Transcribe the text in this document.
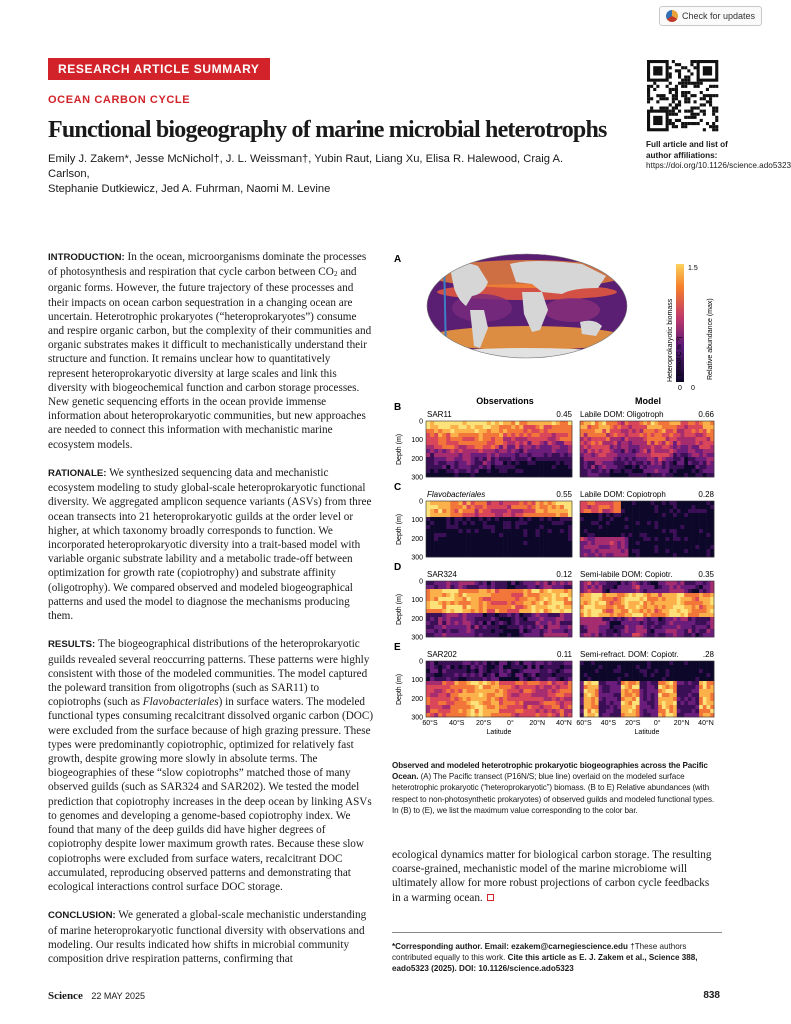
Check for updates
RESEARCH ARTICLE SUMMARY
OCEAN CARBON CYCLE
Functional biogeography of marine microbial heterotrophs
Emily J. Zakem*, Jesse McNichol†, J. L. Weissman†, Yubin Raut, Liang Xu, Elisa R. Halewood, Craig A. Carlson,
Stephanie Dutkiewicz, Jed A. Fuhrman, Naomi M. Levine
Full article and list of author affiliations:
https://doi.org/10.1126/science.ado5323

INTRODUCTION: In the ocean, microorganisms dominate the processes of photosynthesis and respiration that cycle carbon between CO2 and organic forms. However, the future trajectory of these processes and their impacts on ocean carbon sequestration in a changing ocean are uncertain. Heterotrophic prokaryotes (“heteroprokaryotes”) consume and respire organic carbon, but the complexity of their communities and organic substrates makes it difficult to mechanistically understand their structure and function. It remains unclear how to quantitatively represent heteroprokaryotic diversity at large scales and link this diversity with biogeochemical function and carbon storage processes. New genetic sequencing efforts in the ocean provide immense information about heteroprokaryotic communities, but new approaches are needed to connect this information with mechanistic marine ecosystem models.

RATIONALE: We synthesized sequencing data and mechanistic ecosystem modeling to study global-scale heteroprokaryotic functional diversity. We aggregated amplicon sequence variants (ASVs) from three ocean transects into 21 heteroprokaryotic guilds at the order level or higher, at which taxonomy broadly corresponds to function. We incorporated heteroprokaryotic diversity into a trait-based model with variable organic substrate lability and a metabolic trade-off between optimization for growth rate (copiotrophy) and substrate affinity (oligotrophy). We compared observed and modeled biogeographical patterns and used the model to diagnose the mechanisms producing them.

RESULTS: The biogeographical distributions of the heteroprokaryotic guilds revealed several reoccurring patterns. These patterns were highly consistent with those of the modeled communities. The model captured the poleward transition from oligotrophs (such as SAR11) to copiotrophs (such as Flavobacteriales) in surface waters. The modeled functional types consuming recalcitrant dissolved organic carbon (DOC) were excluded from the surface because of high grazing pressure. These types were predominantly copiotrophic, optimized for relatively fast growth, despite growing more slowly in absolute terms. The biogeographies of these “slow copiotrophs” matched those of many observed guilds (such as SAR324 and SAR202). We tested the model prediction that copiotrophy increases in the deep ocean by linking ASVs to genomes and developing a genome-based copiotrophy index. We found that many of the deep guilds did have higher degrees of copiotrophy despite lower maximum growth rates. Because these slow copiotrophs were excluded from surface waters, recalcitrant DOC accumulated, reproducing observed patterns and demonstrating that ecological interactions control surface DOC storage.

CONCLUSION: We generated a global-scale mechanistic understanding of marine heteroprokaryotic functional diversity with observations and modeling. Our results indicated how shifts in microbial community composition drive respiration patterns, confirming that

ecological dynamics matter for biological carbon storage. The resulting coarse-grained, mechanistic model of the marine microbiome will ultimately allow for more robust projections of carbon cycle feedbacks in a warming ocean.
A
1.5
0 0
Heteroprokaryotic biomass (mmol C m⁻³)	Relative abundance (max)
Observations	Model
B
SAR11	0.45 Labile DOM: Oligotroph	0.66
0
100
200
300
Depth (m)
C
Flavobacteriales	0.55 Labile DOM: Copiotroph	0.28
0
100
200
300
Depth (m)
D
SAR324	0.12 Semi-labile DOM: Copiotr.	0.35
0
100
200
300
Depth (m)
E
SAR202	0.11 Semi-refract. DOM: Copiotr.	.28
0
100
200
300
Depth (m)
60°S 40°S 20°S 0° 20°N 40°N
Latitude
60°S 40°S 20°S 0° 20°N 40°N
Latitude
Observed and modeled heterotrophic prokaryotic biogeographies across the Pacific Ocean. (A) The Pacific transect (P16N/S; blue line) overlaid on the modeled surface heterotrophic prokaryotic (“heteroprokaryotic”) biomass. (B to E) Relative abundances (with respect to non-photosynthetic prokaryotes) of observed guilds and modeled functional types. In (B) to (E), we list the maximum value corresponding to the color bar.
*Corresponding author. Email: ezakem@carnegiescience.edu †These authors contributed equally to this work. Cite this article as E. J. Zakem et al., Science 388, eado5323 (2025). DOI: 10.1126/science.ado5323
Science 22 MAY 2025	838
